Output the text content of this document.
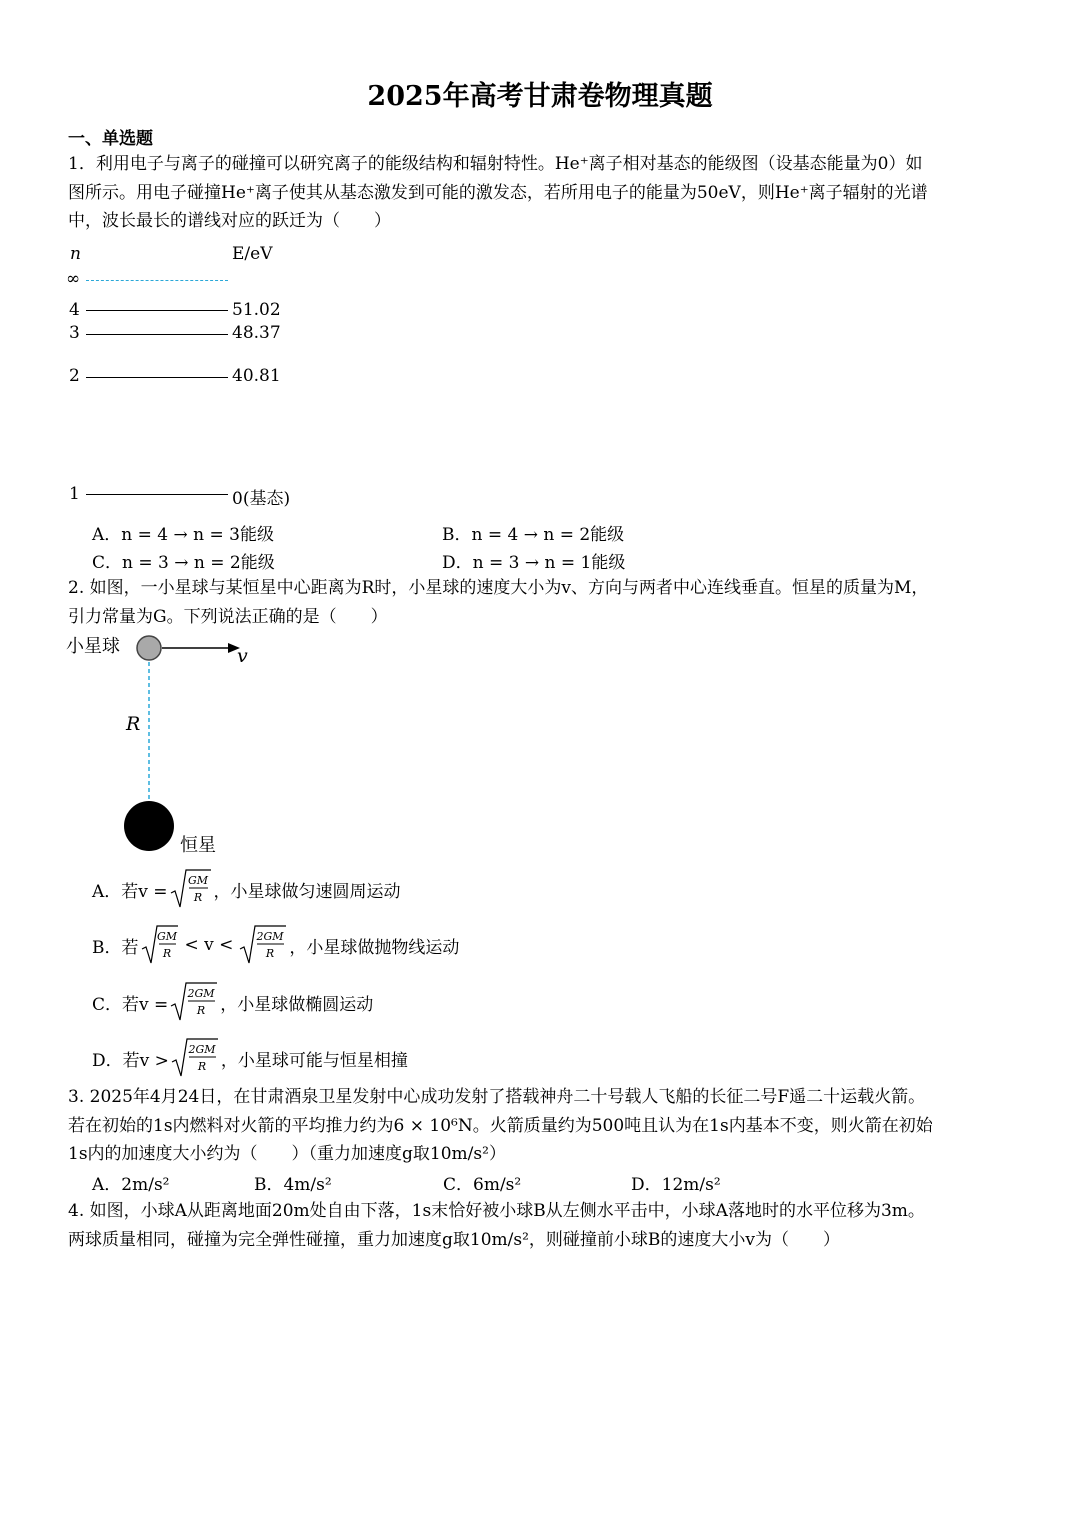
2025年高考甘肃卷物理真题
一、单选题
1．利用电子与离子的碰撞可以研究离子的能级结构和辐射特性。He⁺离子相对基态的能级图（设基态能量为0）如
图所示。用电子碰撞He⁺离子使其从基态激发到可能的激发态，若所用电子的能量为50eV，则He⁺离子辐射的光谱
中，波长最长的谱线对应的跃迁为（　　）
n	E/eV
∞
4	51.02
3	48.37
2	40.81
1	0(基态)
A．n = 4 → n = 3能级	B．n = 4 → n = 2能级
C．n = 3 → n = 2能级	D．n = 3 → n = 1能级
2. 如图，一小星球与某恒星中心距离为R时，小星球的速度大小为v、方向与两者中心连线垂直。恒星的质量为M，
引力常量为G。下列说法正确的是（　　）
小星球	v
R
恒星
A．若v =
GM
R ，小星球做匀速圆周运动
B．若
GM
R < v < 2GM
R ，小星球做抛物线运动
C．若v =
2GM
R ，小星球做椭圆运动
D．若v >
2GM
R ，小星球可能与恒星相撞
3. 2025年4月24日，在甘肃酒泉卫星发射中心成功发射了搭载神舟二十号载人飞船的长征二号F遥二十运载火箭。
若在初始的1s内燃料对火箭的平均推力约为6 × 10⁶N。火箭质量约为500吨且认为在1s内基本不变，则火箭在初始
1s内的加速度大小约为（　　）（重力加速度g取10m/s²）
A．2m/s²	B．4m/s²	C．6m/s²	D．12m/s²
4. 如图，小球A从距离地面20m处自由下落，1s末恰好被小球B从左侧水平击中，小球A落地时的水平位移为3m。
两球质量相同，碰撞为完全弹性碰撞，重力加速度g取10m/s²，则碰撞前小球B的速度大小v为（　　）
